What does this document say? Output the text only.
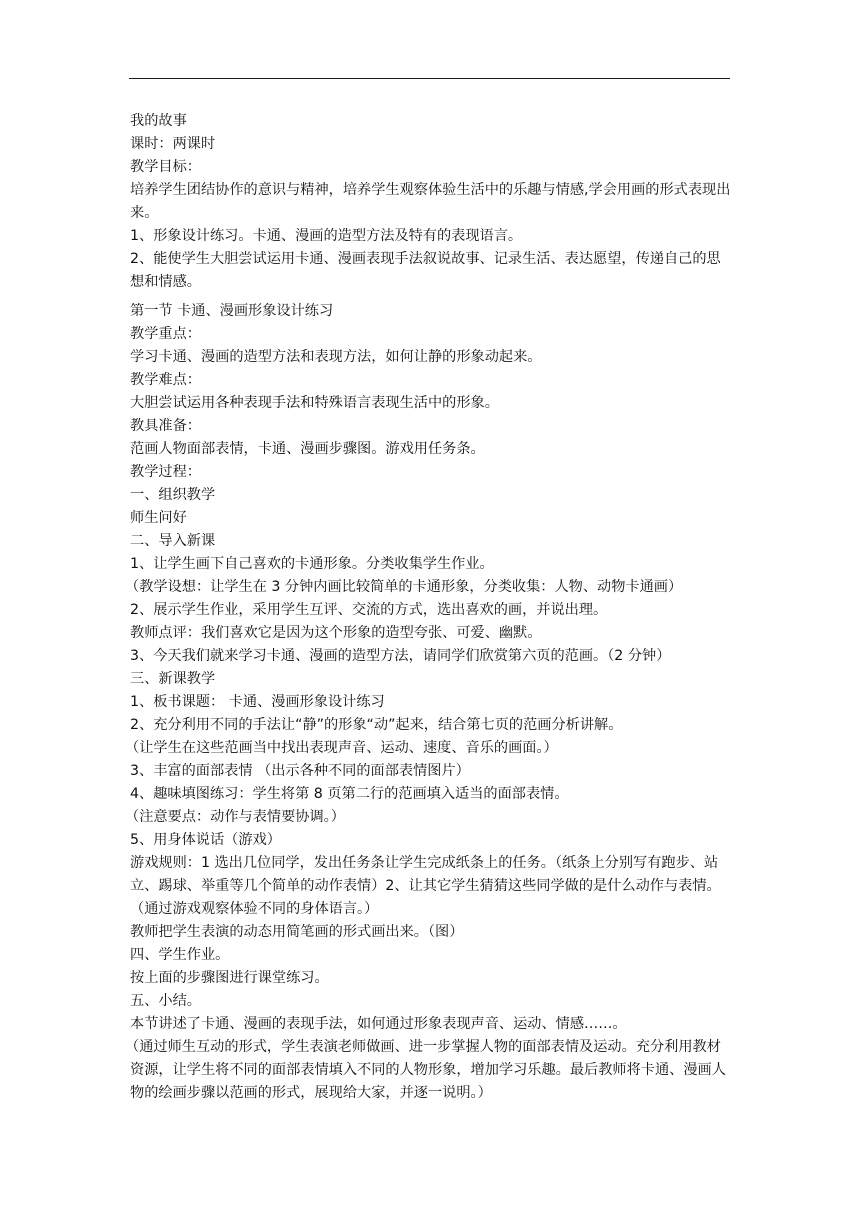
我的故事

课时：两课时

教学目标：

培养学生团结协作的意识与精神，培养学生观察体验生活中的乐趣与情感,学会用画的形式表现出来。

1、形象设计练习。卡通、漫画的造型方法及特有的表现语言。

2、能使学生大胆尝试运用卡通、漫画表现手法叙说故事、记录生活、表达愿望，传递自己的思想和情感。

第一节 卡通、漫画形象设计练习

教学重点：

学习卡通、漫画的造型方法和表现方法，如何让静的形象动起来。

教学难点：

大胆尝试运用各种表现手法和特殊语言表现生活中的形象。

教具准备：

范画人物面部表情，卡通、漫画步骤图。游戏用任务条。

教学过程：

一、组织教学

师生问好

二、导入新课

1、让学生画下自己喜欢的卡通形象。分类收集学生作业。

（教学设想：让学生在 3 分钟内画比较简单的卡通形象，分类收集：人物、动物卡通画）

2、展示学生作业，采用学生互评、交流的方式，选出喜欢的画，并说出理。

教师点评：我们喜欢它是因为这个形象的造型夸张、可爱、幽默。

3、今天我们就来学习卡通、漫画的造型方法，请同学们欣赏第六页的范画。（2 分钟）

三、新课教学

1、板书课题： 卡通、漫画形象设计练习

2、充分利用不同的手法让“静”的形象“动”起来，结合第七页的范画分析讲解。

（让学生在这些范画当中找出表现声音、运动、速度、音乐的画面。）

3、丰富的面部表情 （出示各种不同的面部表情图片）

4、趣味填图练习：学生将第 8 页第二行的范画填入适当的面部表情。

（注意要点：动作与表情要协调。）

5、用身体说话（游戏）

游戏规则：1 选出几位同学，发出任务条让学生完成纸条上的任务。（纸条上分别写有跑步、站立、踢球、举重等几个简单的动作表情）2、让其它学生猜猜这些同学做的是什么动作与表情。（通过游戏观察体验不同的身体语言。）

教师把学生表演的动态用简笔画的形式画出来。（图）

四、学生作业。

按上面的步骤图进行课堂练习。

五、小结。

本节讲述了卡通、漫画的表现手法，如何通过形象表现声音、运动、情感……。

（通过师生互动的形式，学生表演老师做画、进一步掌握人物的面部表情及运动。充分利用教材资源，让学生将不同的面部表情填入不同的人物形象，增加学习乐趣。最后教师将卡通、漫画人物的绘画步骤以范画的形式，展现给大家，并逐一说明。）
